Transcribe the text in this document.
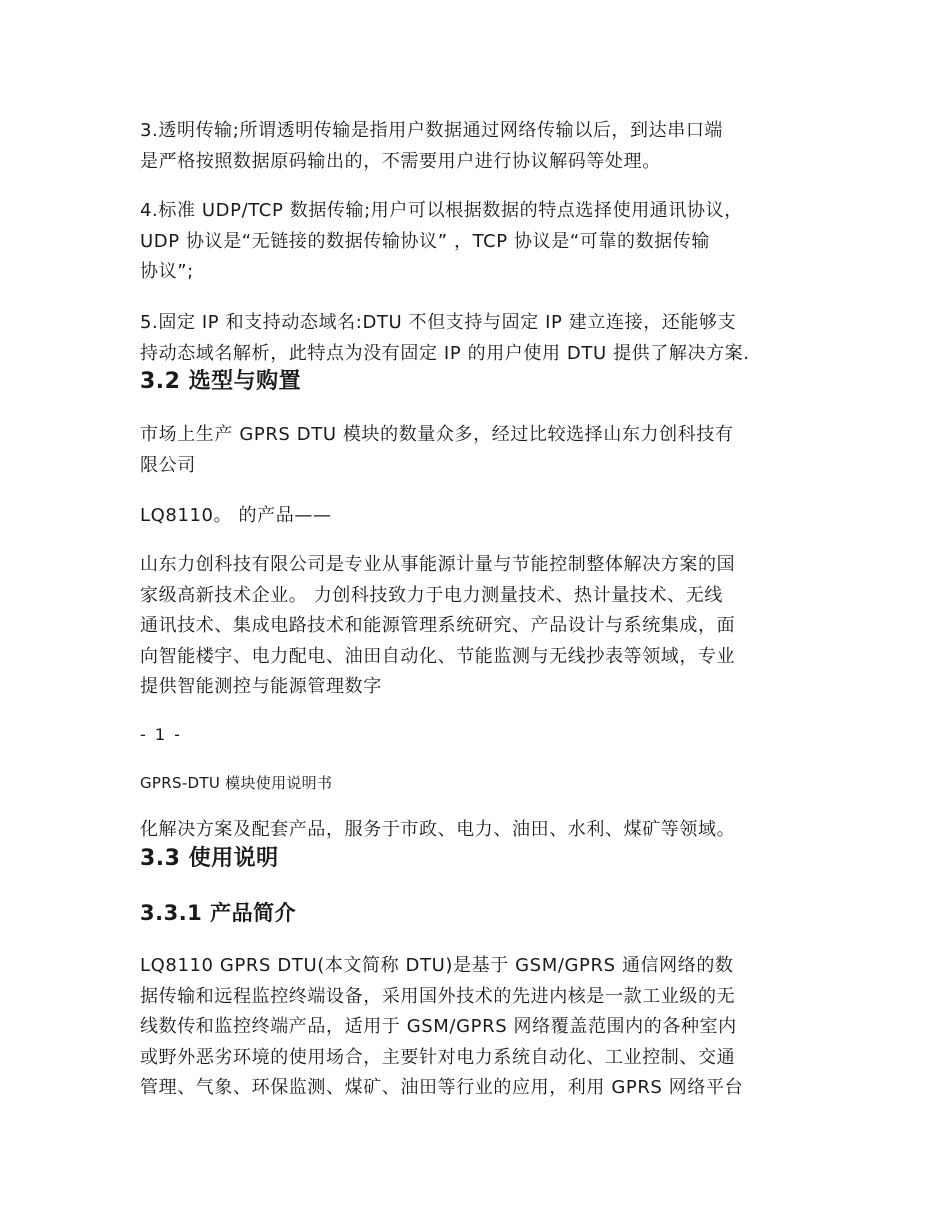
3.透明传输;所谓透明传输是指用户数据通过网络传输以后，到达串口端
是严格按照数据原码输出的，不需要用户进行协议解码等处理。

4.标准 UDP/TCP 数据传输;用户可以根据数据的特点选择使用通讯协议，
UDP 协议是“无链接的数据传输协议” ，TCP 协议是“可靠的数据传输
协议”;

5.固定 IP 和支持动态域名:DTU 不但支持与固定 IP 建立连接，还能够支
持动态域名解析，此特点为没有固定 IP 的用户使用 DTU 提供了解决方案.

3.2 选型与购置

市场上生产 GPRS DTU 模块的数量众多，经过比较选择山东力创科技有
限公司

LQ8110。 的产品——

山东力创科技有限公司是专业从事能源计量与节能控制整体解决方案的国
家级高新技术企业。 力创科技致力于电力测量技术、热计量技术、无线
通讯技术、集成电路技术和能源管理系统研究、产品设计与系统集成，面
向智能楼宇、电力配电、油田自动化、节能监测与无线抄表等领域，专业
提供智能测控与能源管理数字

- 1 -

GPRS-DTU 模块使用说明书

化解决方案及配套产品，服务于市政、电力、油田、水利、煤矿等领域。

3.3 使用说明
3.3.1 产品简介

LQ8110 GPRS DTU(本文简称 DTU)是基于 GSM/GPRS 通信网络的数
据传输和远程监控终端设备，采用国外技术的先进内核是一款工业级的无
线数传和监控终端产品，适用于 GSM/GPRS 网络覆盖范围内的各种室内
或野外恶劣环境的使用场合，主要针对电力系统自动化、工业控制、交通
管理、气象、环保监测、煤矿、油田等行业的应用，利用 GPRS 网络平台
